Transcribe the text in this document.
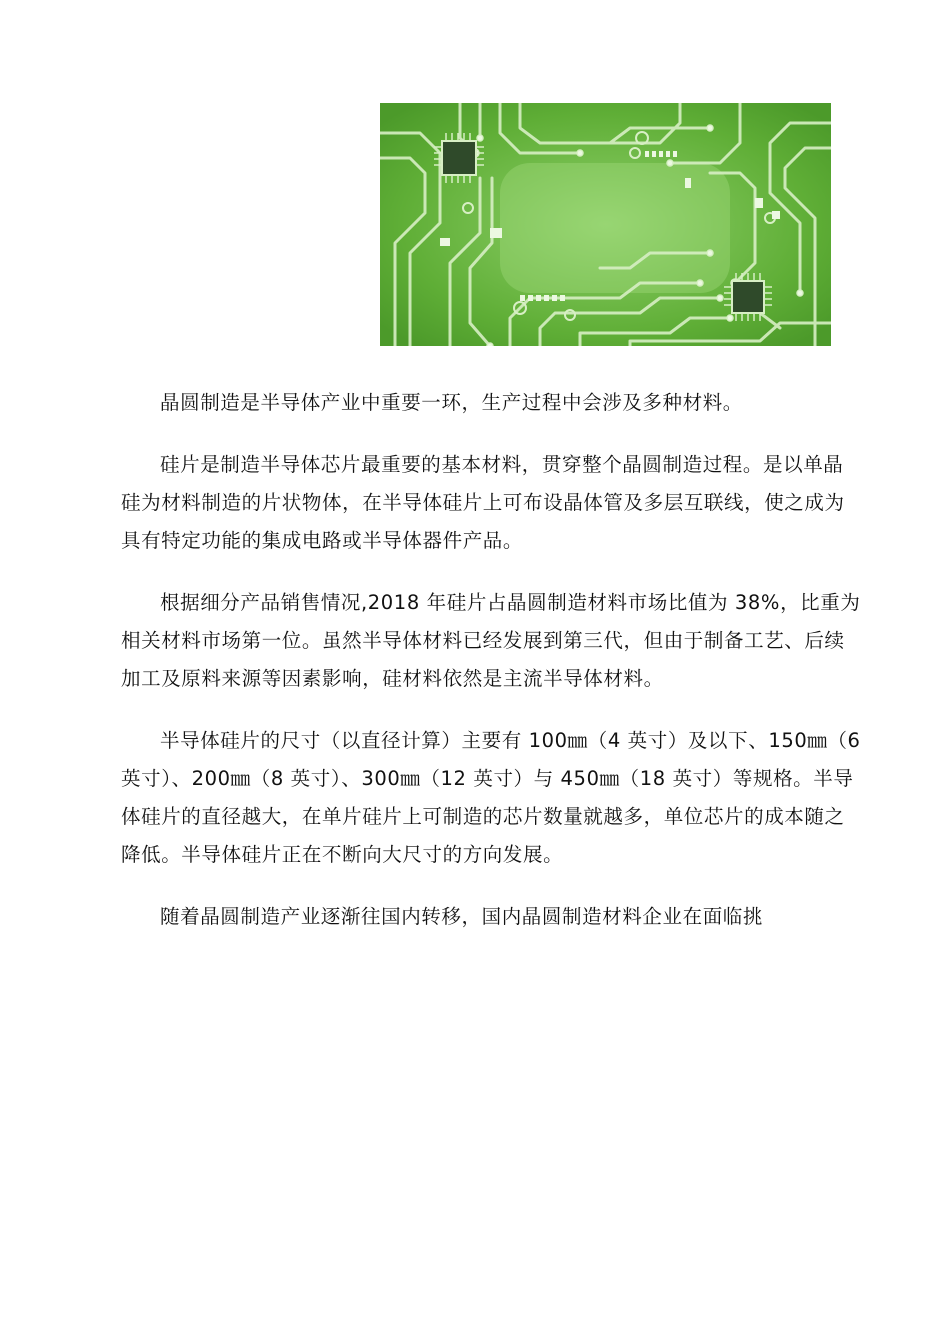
晶圆制造是半导体产业中重要一环，生产过程中会涉及多种材料。

硅片是制造半导体芯片最重要的基本材料，贯穿整个晶圆制造过程。是以单晶硅为材料制造的片状物体，在半导体硅片上可布设晶体管及多层互联线，使之成为具有特定功能的集成电路或半导体器件产品。

根据细分产品销售情况,2018 年硅片占晶圆制造材料市场比值为 38%，比重为相关材料市场第一位。虽然半导体材料已经发展到第三代，但由于制备工艺、后续加工及原料来源等因素影响，硅材料依然是主流半导体材料。

半导体硅片的尺寸（以直径计算）主要有 100㎜（4 英寸）及以下、150㎜（6 英寸）、200㎜（8 英寸）、300㎜（12 英寸）与 450㎜（18 英寸）等规格。半导体硅片的直径越大，在单片硅片上可制造的芯片数量就越多，单位芯片的成本随之降低。半导体硅片正在不断向大尺寸的方向发展。

随着晶圆制造产业逐渐往国内转移，国内晶圆制造材料企业在面临挑
